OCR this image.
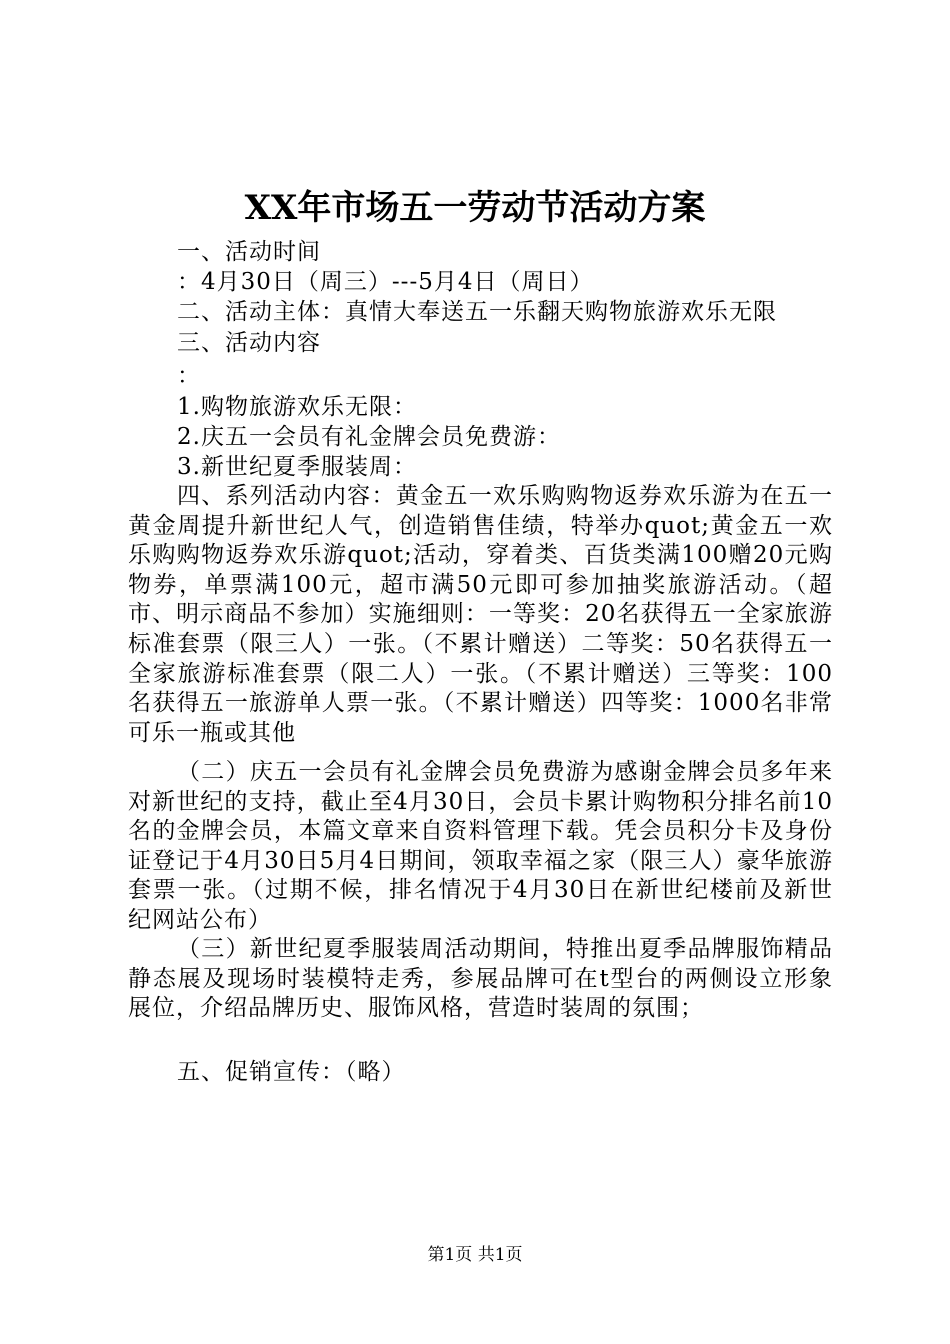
XX年市场五一劳动节活动方案
一、活动时间
：4月30日（周三）---5月4日（周日）
二、活动主体：真情大奉送五一乐翻天购物旅游欢乐无限
三、活动内容
：
1.购物旅游欢乐无限：
2.庆五一会员有礼金牌会员免费游：
3.新世纪夏季服装周：
四、系列活动内容：黄金五一欢乐购购物返券欢乐游为在五一黄金周提升新世纪人气，创造销售佳绩，特举办quot;黄金五一欢乐购购物返券欢乐游quot;活动，穿着类、百货类满100赠20元购物券，单票满100元，超市满50元即可参加抽奖旅游活动。（超市、明示商品不参加）实施细则：一等奖：20名获得五一全家旅游标准套票（限三人）一张。（不累计赠送）二等奖：50名获得五一全家旅游标准套票（限二人）一张。（不累计赠送）三等奖：100名获得五一旅游单人票一张。（不累计赠送）四等奖：1000名非常可乐一瓶或其他
（二）庆五一会员有礼金牌会员免费游为感谢金牌会员多年来对新世纪的支持，截止至4月30日，会员卡累计购物积分排名前10名的金牌会员，本篇文章来自资料管理下载。凭会员积分卡及身份证登记于4月30日5月4日期间，领取幸福之家（限三人）豪华旅游套票一张。（过期不候，排名情况于4月30日在新世纪楼前及新世纪网站公布）
（三）新世纪夏季服装周活动期间，特推出夏季品牌服饰精品静态展及现场时装模特走秀，参展品牌可在t型台的两侧设立形象展位，介绍品牌历史、服饰风格，营造时装周的氛围；
五、促销宣传：（略）
第1页 共1页
